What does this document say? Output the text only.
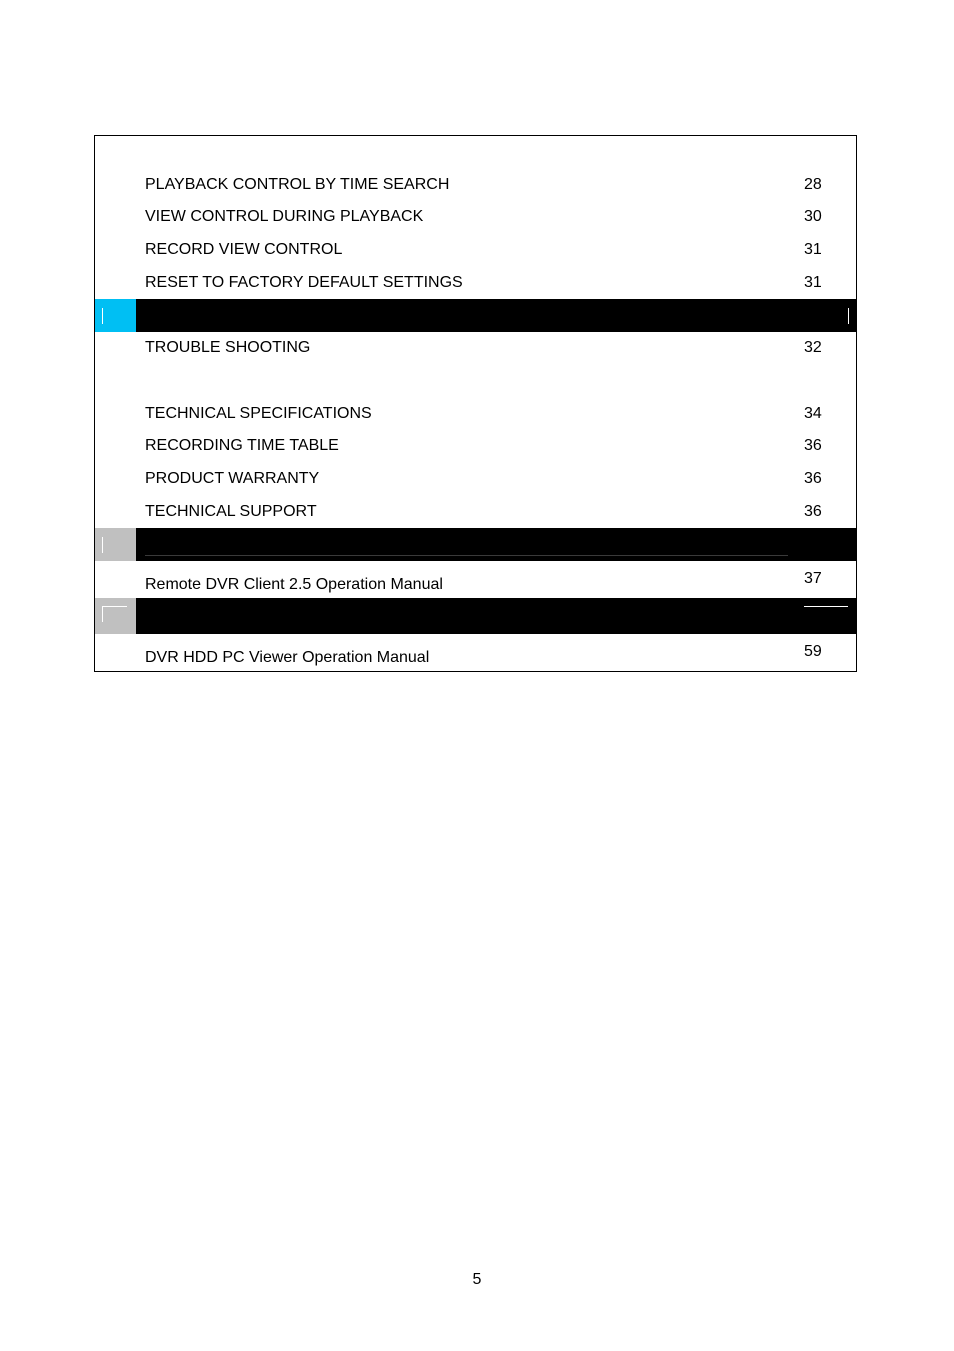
PLAYBACK CONTROL BY TIME SEARCH	28
VIEW CONTROL DURING PLAYBACK	30
RECORD VIEW CONTROL	31
RESET TO FACTORY DEFAULT SETTINGS	31
TROUBLE SHOOTING	32
TECHNICAL SPECIFICATIONS	34
RECORDING TIME TABLE	36
PRODUCT WARRANTY	36
TECHNICAL SUPPORT	36
Remote DVR Client 2.5 Operation Manual	37
DVR HDD PC Viewer Operation Manual	59
5
